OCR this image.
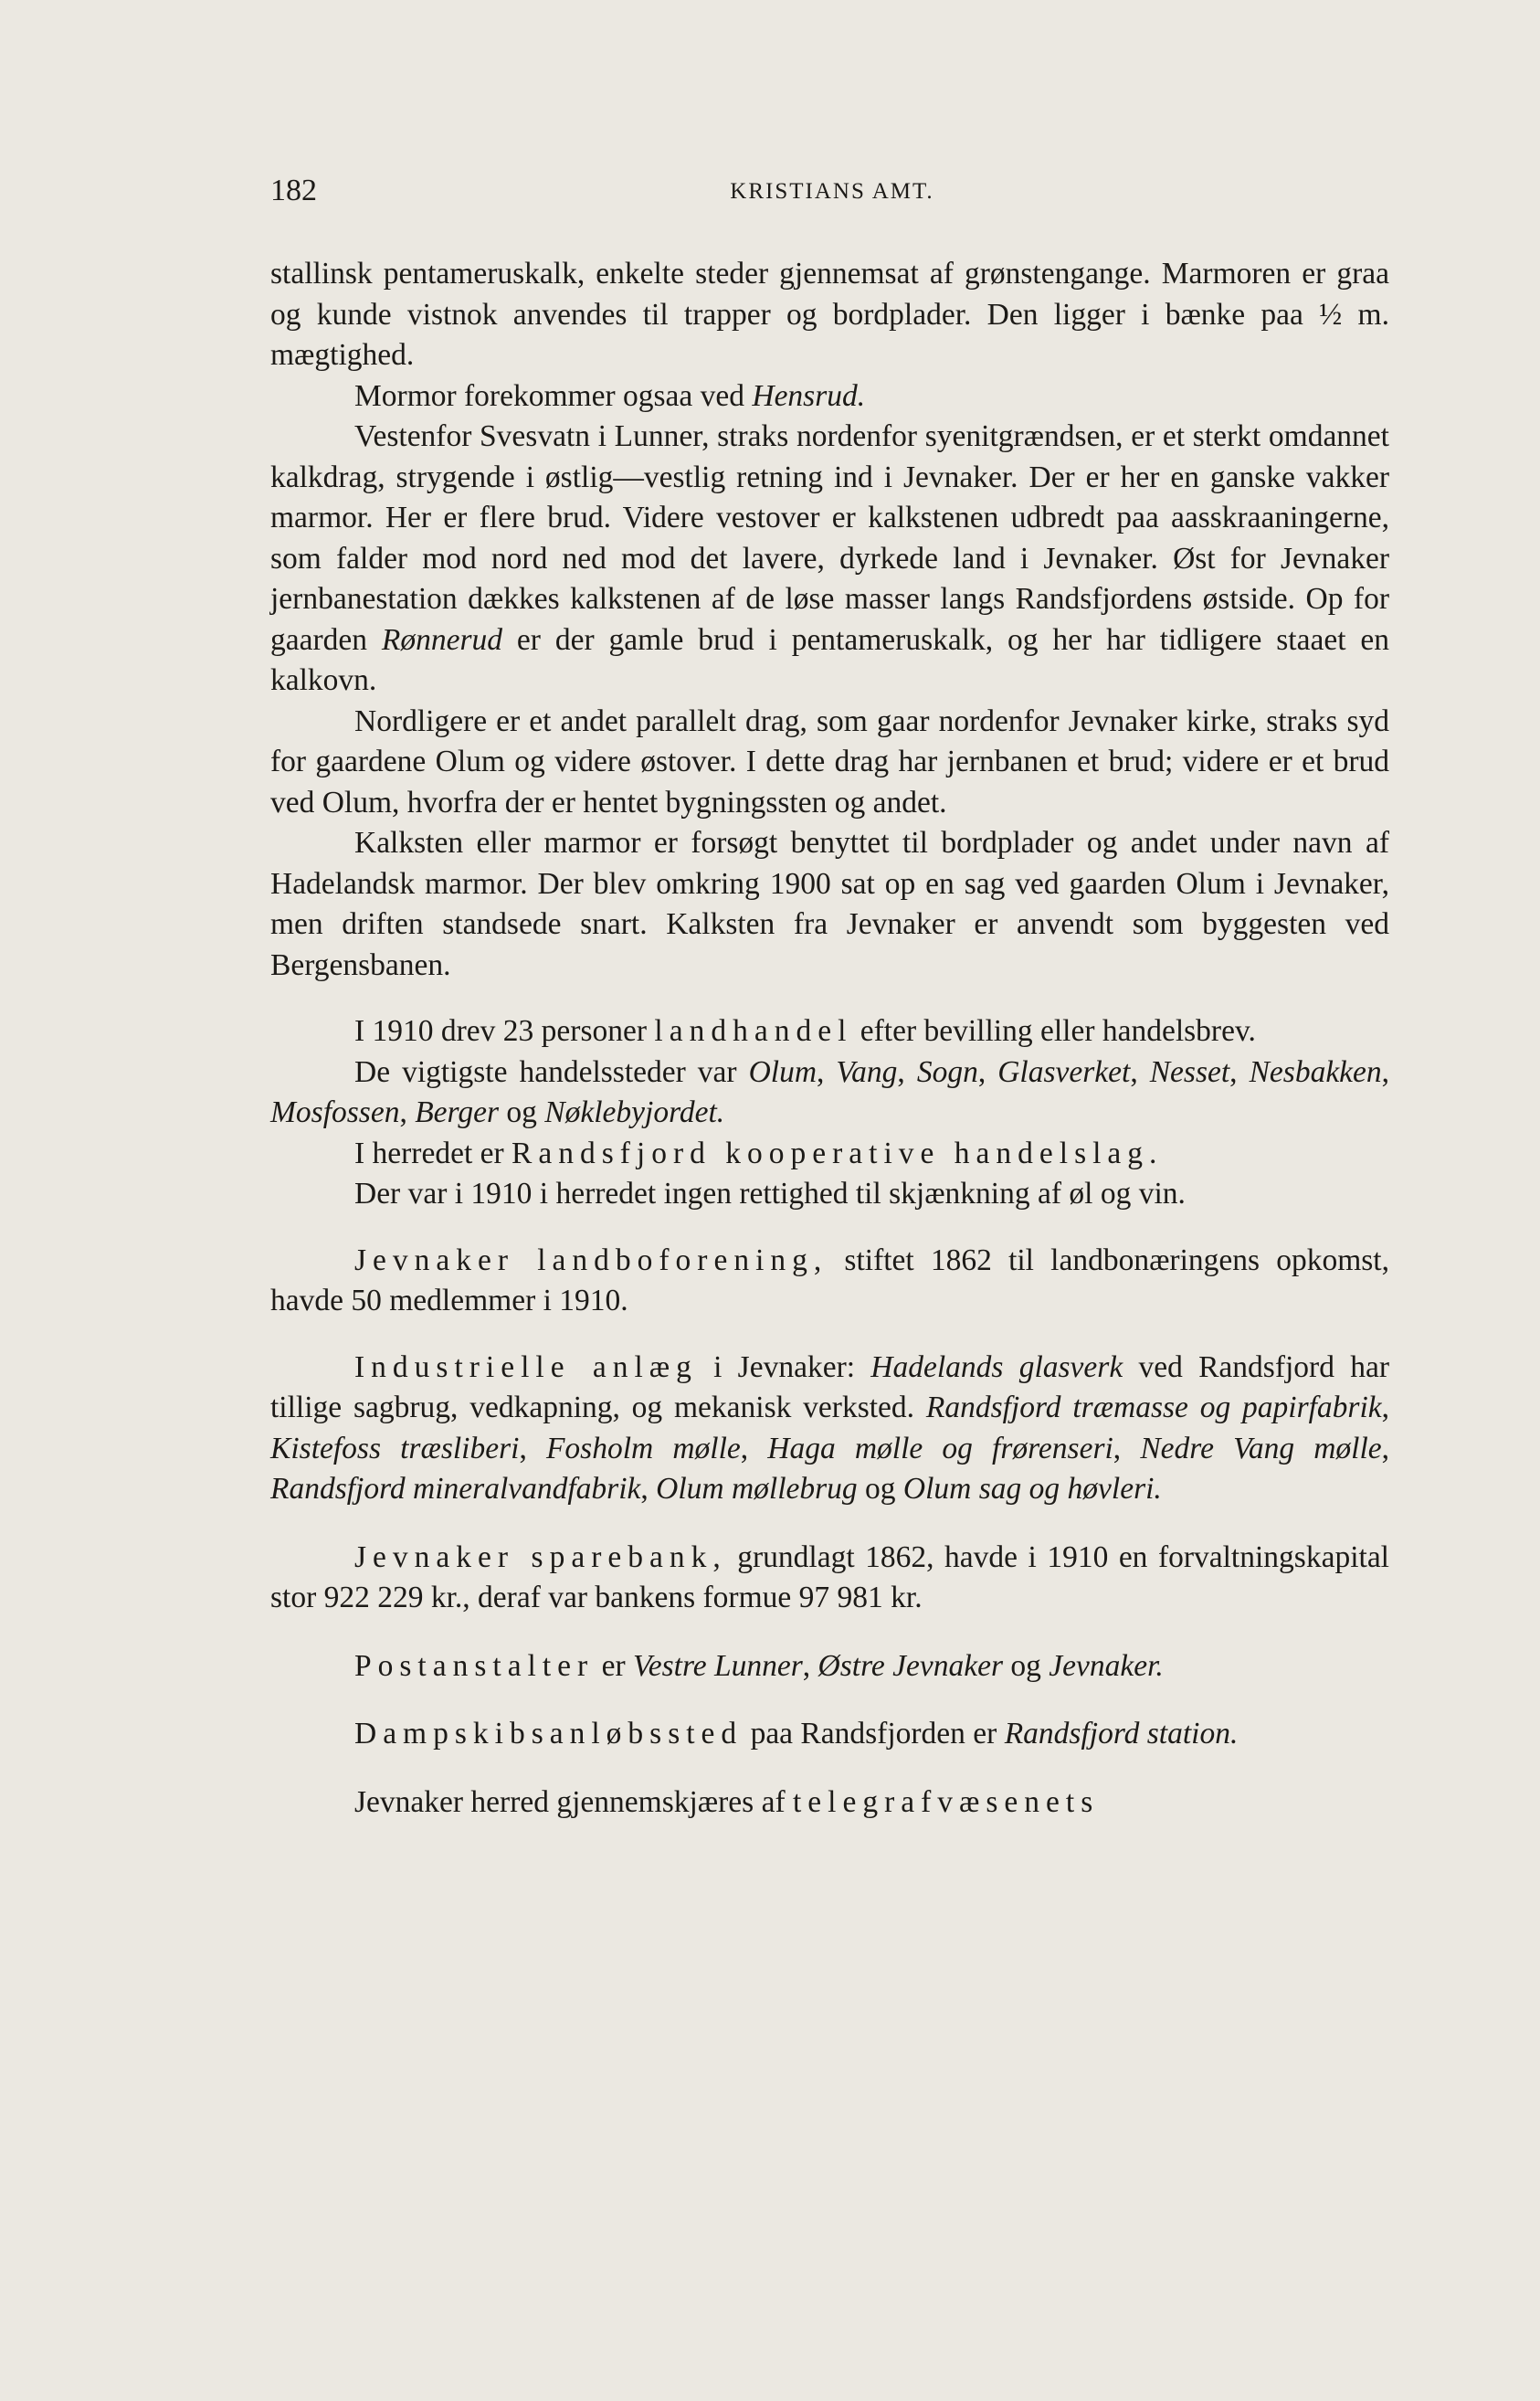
182	KRISTIANS AMT.

stallinsk pentameruskalk, enkelte steder gjennemsat af grønstengange. Marmoren er graa og kunde vistnok anvendes til trapper og bordplader. Den ligger i bænke paa ½ m. mægtighed.

Mormor forekommer ogsaa ved Hensrud.

Vestenfor Svesvatn i Lunner, straks nordenfor syenitgrændsen, er et sterkt omdannet kalkdrag, strygende i østlig—vestlig retning ind i Jevnaker. Der er her en ganske vakker marmor. Her er flere brud. Videre vestover er kalkstenen udbredt paa aasskraaningerne, som falder mod nord ned mod det lavere, dyrkede land i Jevnaker. Øst for Jevnaker jernbanestation dækkes kalkstenen af de løse masser langs Randsfjordens østside. Op for gaarden Rønnerud er der gamle brud i pentameruskalk, og her har tidligere staaet en kalkovn.

Nordligere er et andet parallelt drag, som gaar nordenfor Jevnaker kirke, straks syd for gaardene Olum og videre østover. I dette drag har jernbanen et brud; videre er et brud ved Olum, hvorfra der er hentet bygningssten og andet.

Kalksten eller marmor er forsøgt benyttet til bordplader og andet under navn af Hadelandsk marmor. Der blev omkring 1900 sat op en sag ved gaarden Olum i Jevnaker, men driften standsede snart. Kalksten fra Jevnaker er anvendt som byggesten ved Bergensbanen.

I 1910 drev 23 personer landhandel efter bevilling eller handelsbrev.

De vigtigste handelssteder var Olum, Vang, Sogn, Glasverket, Nesset, Nesbakken, Mosfossen, Berger og Nøklebyjordet.

I herredet er Randsfjord kooperative handelslag.

Der var i 1910 i herredet ingen rettighed til skjænkning af øl og vin.

Jevnaker landboforening, stiftet 1862 til landbonæringens opkomst, havde 50 medlemmer i 1910.

Industrielle anlæg i Jevnaker: Hadelands glasverk ved Randsfjord har tillige sagbrug, vedkapning, og mekanisk verksted. Randsfjord træmasse og papirfabrik, Kistefoss træsliberi, Fosholm mølle, Haga mølle og frørenseri, Nedre Vang mølle, Randsfjord mineralvandfabrik, Olum møllebrug og Olum sag og høvleri.

Jevnaker sparebank, grundlagt 1862, havde i 1910 en forvaltningskapital stor 922 229 kr., deraf var bankens formue 97 981 kr.

Postanstalter er Vestre Lunner, Østre Jevnaker og Jevnaker.

Dampskibsanløbssted paa Randsfjorden er Randsfjord station.

Jevnaker herred gjennemskjæres af telegrafvæsenets
